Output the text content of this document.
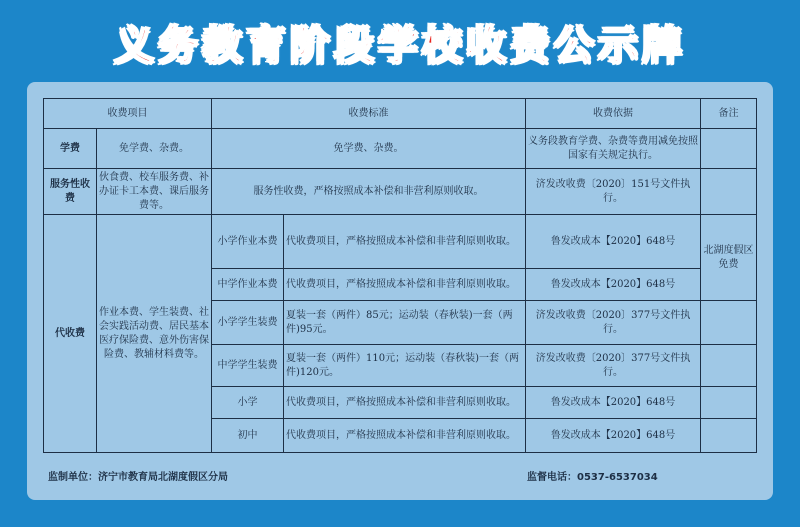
义务教育阶段学校收费公示牌
收费项目		收费标准		收费依据	备注
学费	免学费、杂费。	免学费、杂费。		义务段教育学费、杂费等费用减免按照国家有关规定执行。	
服务性收费	伙食费、校车服务费、补办证卡工本费、课后服务费等。	服务性收费，严格按照成本补偿和非营利原则收取。		济发改收费〔2020〕151号文件执行。	
代收费	作业本费、学生装费、社会实践活动费、居民基本医疗保险费、意外伤害保险费、教辅材料费等。	小学作业本费	代收费项目，严格按照成本补偿和非营利原则收取。	鲁发改成本【2020】648号	北湖度假区免费
		中学作业本费	代收费项目，严格按照成本补偿和非营利原则收取。	鲁发改成本【2020】648号	
		小学学生装费	夏装一套（两件）85元；运动装（春秋装)一套（两件)95元。	济发改收费〔2020〕377号文件执行。	
		中学学生装费	夏装一套（两件）110元；运动装（春秋装)一套（两件)120元。	济发改收费〔2020〕377号文件执行。	
		小学	代收费项目，严格按照成本补偿和非营利原则收取。	鲁发改成本【2020】648号	
		初中	代收费项目，严格按照成本补偿和非营利原则收取。	鲁发改成本【2020】648号	
监制单位：济宁市教育局北湖度假区分局	监督电话：0537-6537034
